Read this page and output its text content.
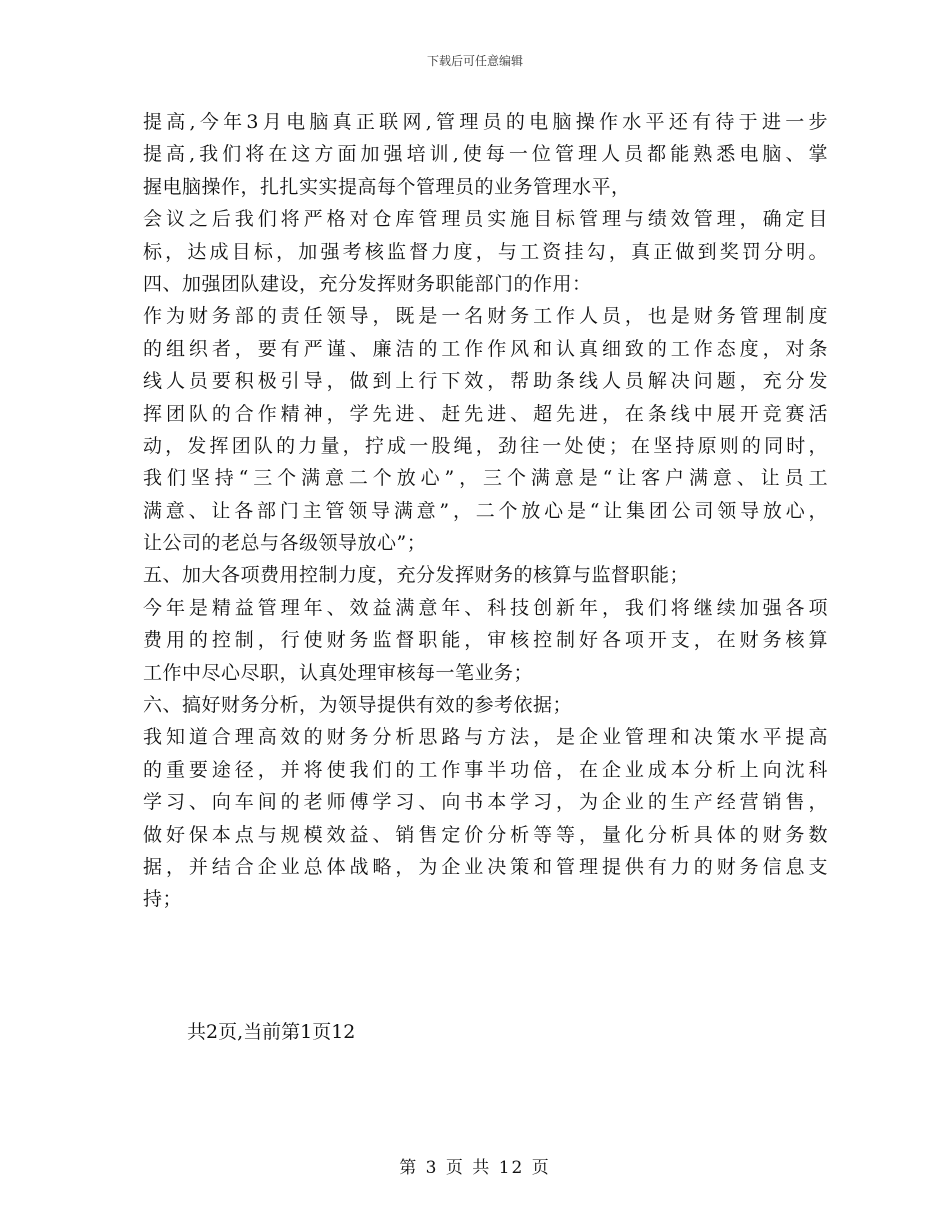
下载后可任意编辑
提高,今年3月电脑真正联网,管理员的电脑操作水平还有待于进一步
提高,我们将在这方面加强培训,使每一位管理人员都能熟悉电脑、掌
握电脑操作，扎扎实实提高每个管理员的业务管理水平，
会议之后我们将严格对仓库管理员实施目标管理与绩效管理，确定目
标，达成目标，加强考核监督力度，与工资挂勾，真正做到奖罚分明。
四、加强团队建设，充分发挥财务职能部门的作用：
作为财务部的责任领导，既是一名财务工作人员，也是财务管理制度
的组织者，要有严谨、廉洁的工作作风和认真细致的工作态度，对条
线人员要积极引导，做到上行下效，帮助条线人员解决问题，充分发
挥团队的合作精神，学先进、赶先进、超先进，在条线中展开竞赛活
动，发挥团队的力量，拧成一股绳，劲往一处使；在坚持原则的同时，
我们坚持“三个满意二个放心”，三个满意是“让客户满意、让员工
满意、让各部门主管领导满意”，二个放心是“让集团公司领导放心，
让公司的老总与各级领导放心”；
五、加大各项费用控制力度，充分发挥财务的核算与监督职能；
今年是精益管理年、效益满意年、科技创新年，我们将继续加强各项
费用的控制，行使财务监督职能，审核控制好各项开支，在财务核算
工作中尽心尽职，认真处理审核每一笔业务；
六、搞好财务分析，为领导提供有效的参考依据；
我知道合理高效的财务分析思路与方法，是企业管理和决策水平提高
的重要途径，并将使我们的工作事半功倍，在企业成本分析上向沈科
学习、向车间的老师傅学习、向书本学习，为企业的生产经营销售，
做好保本点与规模效益、销售定价分析等等，量化分析具体的财务数
据，并结合企业总体战略，为企业决策和管理提供有力的财务信息支
持；
共2页,当前第1页12
第 3 页 共 12 页
